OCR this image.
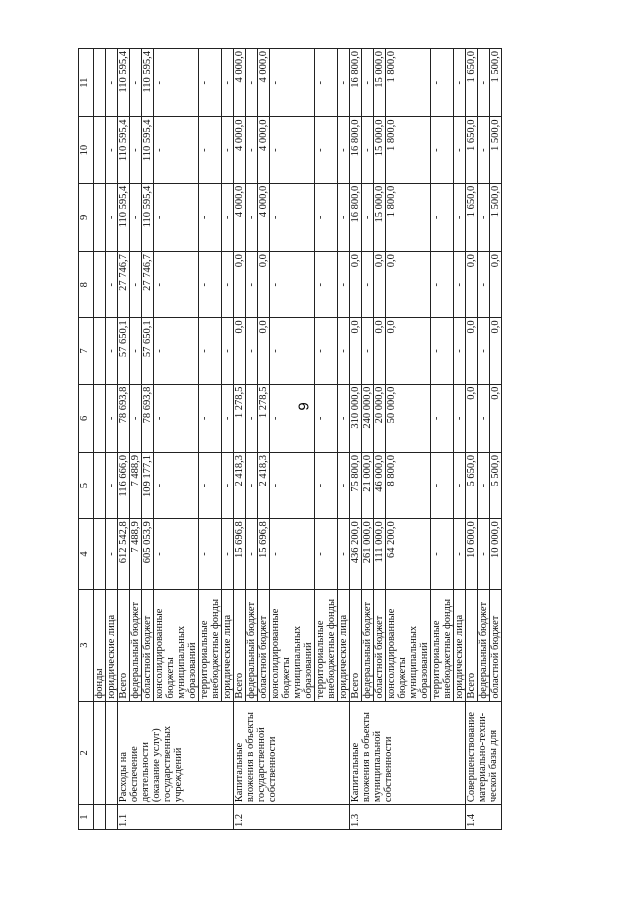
9
1	2	3	4	5	6	7	8	9	10	11
		фонды								
		юридические лица	-	-	-	-	-	-	-	-
1.1	Расходы на обеспечение деятельности (оказание услуг) государственных учреждений	Всего	612 542,8	116 666,0	78 693,8	57 650,1	27 746,7	110 595,4	110 595,4	110 595,4
		федеральный бюджет	7 488,9	7 488,9	-	-	-	-	-	-
		областной бюджет	605 053,9	109 177,1	78 693,8	57 650,1	27 746,7	110 595,4	110 595,4	110 595,4
		консолидированные бюджеты муниципальных образований	-	-	-	-	-	-	-	-
		территориальные внебюджетные фонды	-	-	-	-	-	-	-	-
		юридические лица	-	-	-	-	-	-	-	-
1.2	Капитальные вложения в объекты государственной собственности	Всего	15 696,8	2 418,3	1 278,5	0,0	0,0	4 000,0	4 000,0	4 000,0
		федеральный бюджет	-	-	-	-	-	-	-	-
		областной бюджет	15 696,8	2 418,3	1 278,5	0,0	0,0	4 000,0	4 000,0	4 000,0
		консолидированные бюджеты муниципальных образований	-	-	-	-	-	-	-	-
		территориальные внебюджетные фонды	-	-	-	-	-	-	-	-
		юридические лица	-	-	-	-	-	-	-	-
1.3	Капитальные вложения в объекты муниципальной собственности	Всего	436 200,0	75 800,0	310 000,0	0,0	0,0	16 800,0	16 800,0	16 800,0
		федеральный бюджет	261 000,0	21 000,0	240 000,0	-	-	-	-	-
		областной бюджет	111 000,0	46 000,0	20 000,0	0,0	0,0	15 000,0	15 000,0	15 000,0
		консолидированные бюджеты муниципальных образований	64 200,0	8 800,0	50 000,0	0,0	0,0	1 800,0	1 800,0	1 800,0
		территориальные внебюджетные фонды	-	-	-	-	-	-	-	-
		юридические лица	-	-	-	-	-	-	-	-
1.4	Совершенствование материально-техни-ческой базы для	Всего	10 600,0	5 650,0	0,0	0,0	0,0	1 650,0	1 650,0	1 650,0
		федеральный бюджет	-	-	-	-	-	-	-	-
		областной бюджет	10 000,0	5 500,0	0,0	0,0	0,0	1 500,0	1 500,0	1 500,0
